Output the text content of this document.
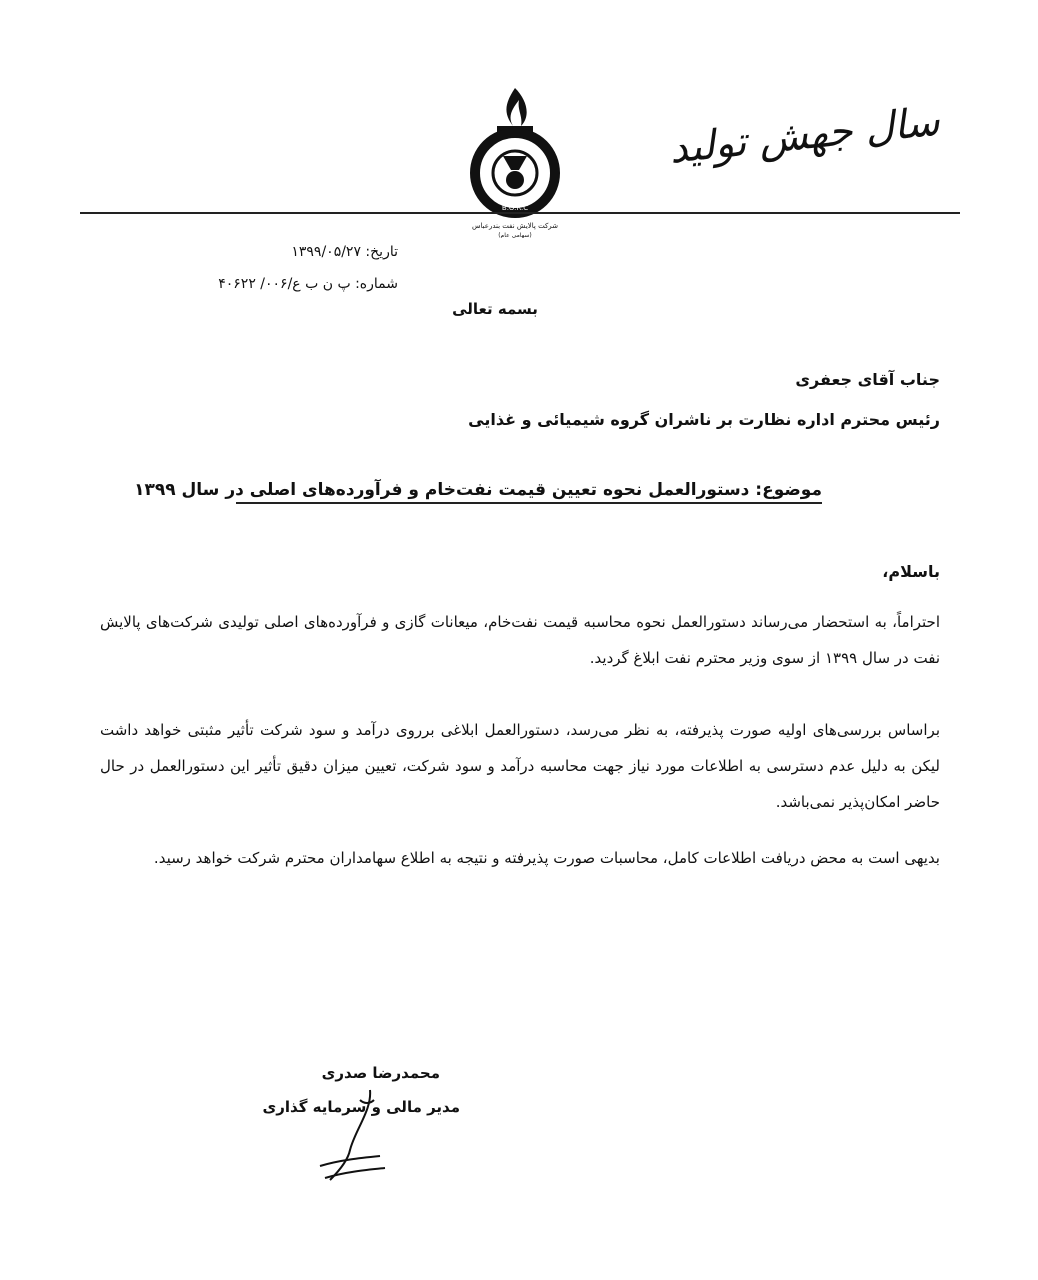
سال جهش تولید
B.O.R.C
شرکت پالایش نفت بندرعباس
(سهامی عام)
تاریخ: ۱۳۹۹/۰۵/۲۷
شماره: پ ن ب ع/۰۰۶/ ۴۰۶۲۲
بسمه تعالی
جناب آقای جعفری
رئیس محترم اداره نظارت بر ناشران گروه شیمیائی و غذایی
موضوع: دستورالعمل نحوه تعیین قیمت نفت‌خام و فرآورده‌های اصلی در سال ۱۳۹۹
باسلام،
احتراماً، به استحضار می‌رساند دستورالعمل نحوه محاسبه قیمت نفت‌خام، میعانات گازی و فرآورده‌های اصلی تولیدی شرکت‌های پالایش نفت در سال ۱۳۹۹ از سوی وزیر محترم نفت ابلاغ گردید.
براساس بررسی‌های اولیه صورت پذیرفته، به نظر می‌رسد، دستورالعمل ابلاغی برروی درآمد و سود شرکت تأثیر مثبتی خواهد داشت لیکن به دلیل عدم دسترسی به اطلاعات مورد نیاز جهت محاسبه درآمد و سود شرکت، تعیین میزان دقیق تأثیر این دستورالعمل در حال حاضر امکان‌پذیر نمی‌باشد.
بدیهی است به محض دریافت اطلاعات کامل، محاسبات صورت پذیرفته و نتیجه به اطلاع سهامداران محترم شرکت خواهد رسید.
محمدرضا صدری
مدیر مالی و سرمایه گذاری
